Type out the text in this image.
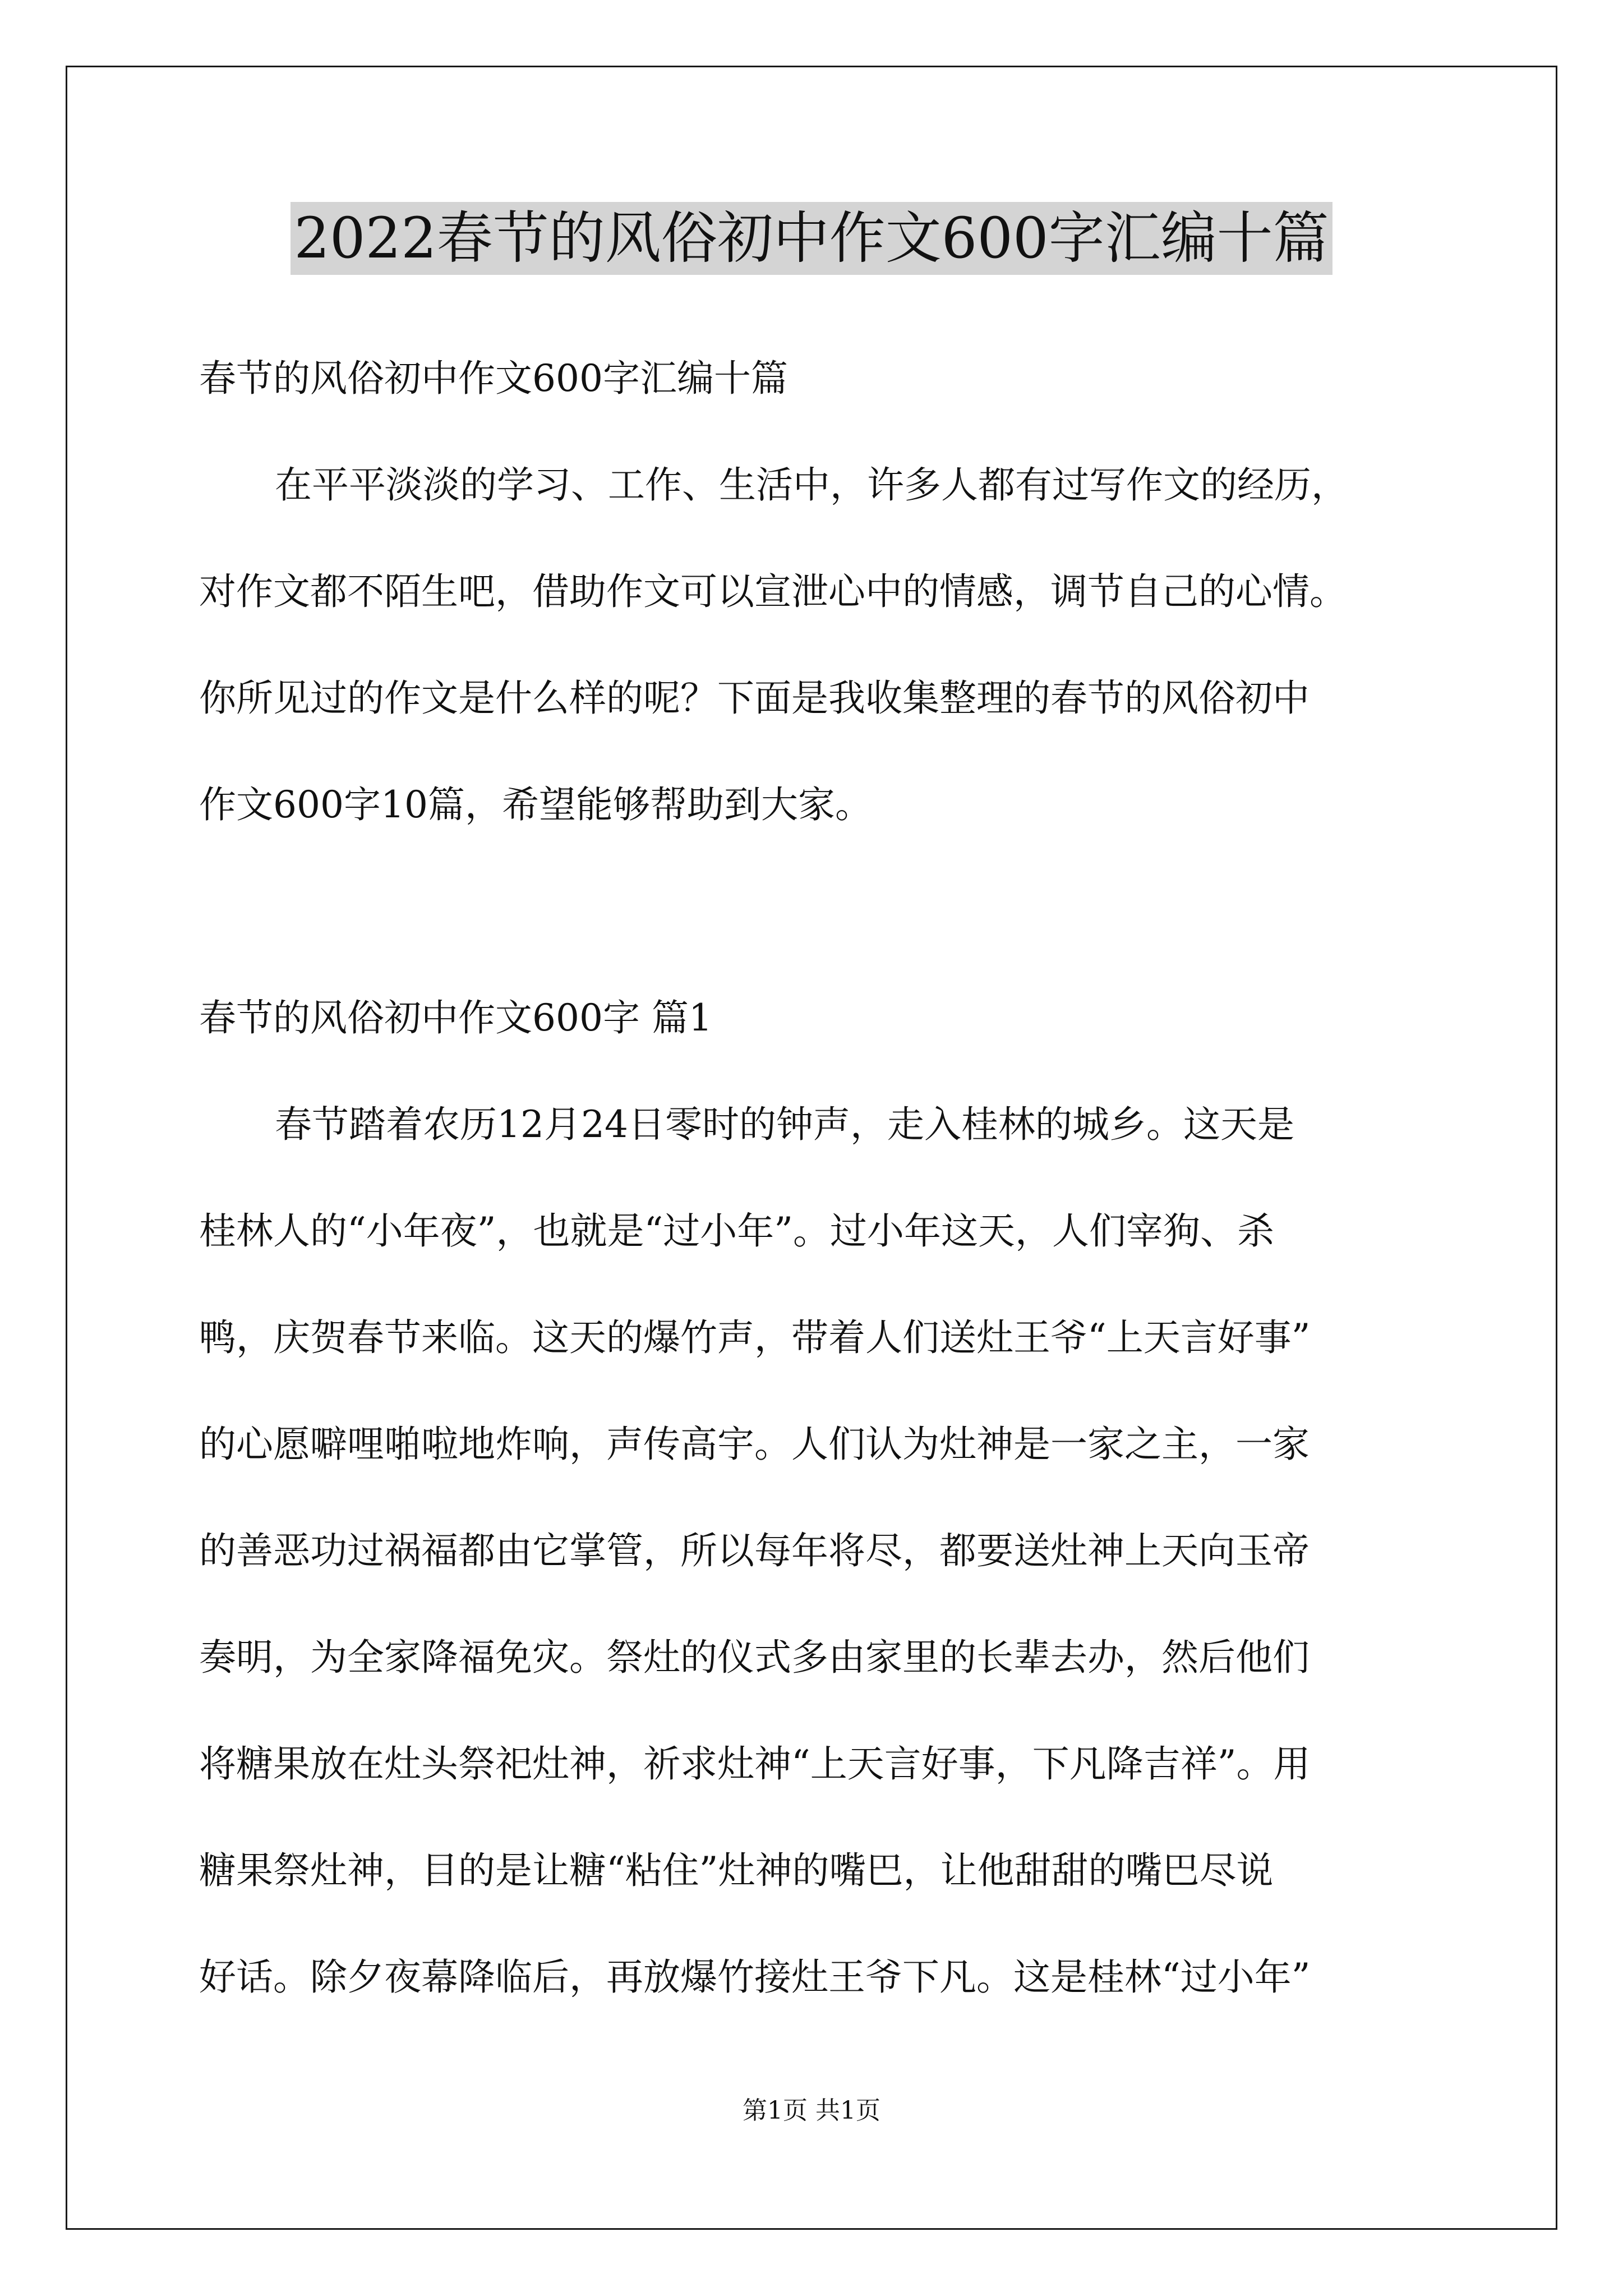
2022春节的风俗初中作文600字汇编十篇
春节的风俗初中作文600字汇编十篇
在平平淡淡的学习、工作、生活中，许多人都有过写作文的经历，
对作文都不陌生吧，借助作文可以宣泄心中的情感，调节自己的心情。
你所见过的作文是什么样的呢？下面是我收集整理的春节的风俗初中
作文600字10篇，希望能够帮助到大家。
春节的风俗初中作文600字 篇1
春节踏着农历12月24日零时的钟声，走入桂林的城乡。这天是
桂林人的“小年夜”，也就是“过小年”。过小年这天，人们宰狗、杀
鸭，庆贺春节来临。这天的爆竹声，带着人们送灶王爷“上天言好事”
的心愿噼哩啪啦地炸响，声传高宇。人们认为灶神是一家之主，一家
的善恶功过祸福都由它掌管，所以每年将尽，都要送灶神上天向玉帝
奏明，为全家降福免灾。祭灶的仪式多由家里的长辈去办，然后他们
将糖果放在灶头祭祀灶神，祈求灶神“上天言好事，下凡降吉祥”。用
糖果祭灶神，目的是让糖“粘住”灶神的嘴巴，让他甜甜的嘴巴尽说
好话。除夕夜幕降临后，再放爆竹接灶王爷下凡。这是桂林“过小年”
第1页 共1页
